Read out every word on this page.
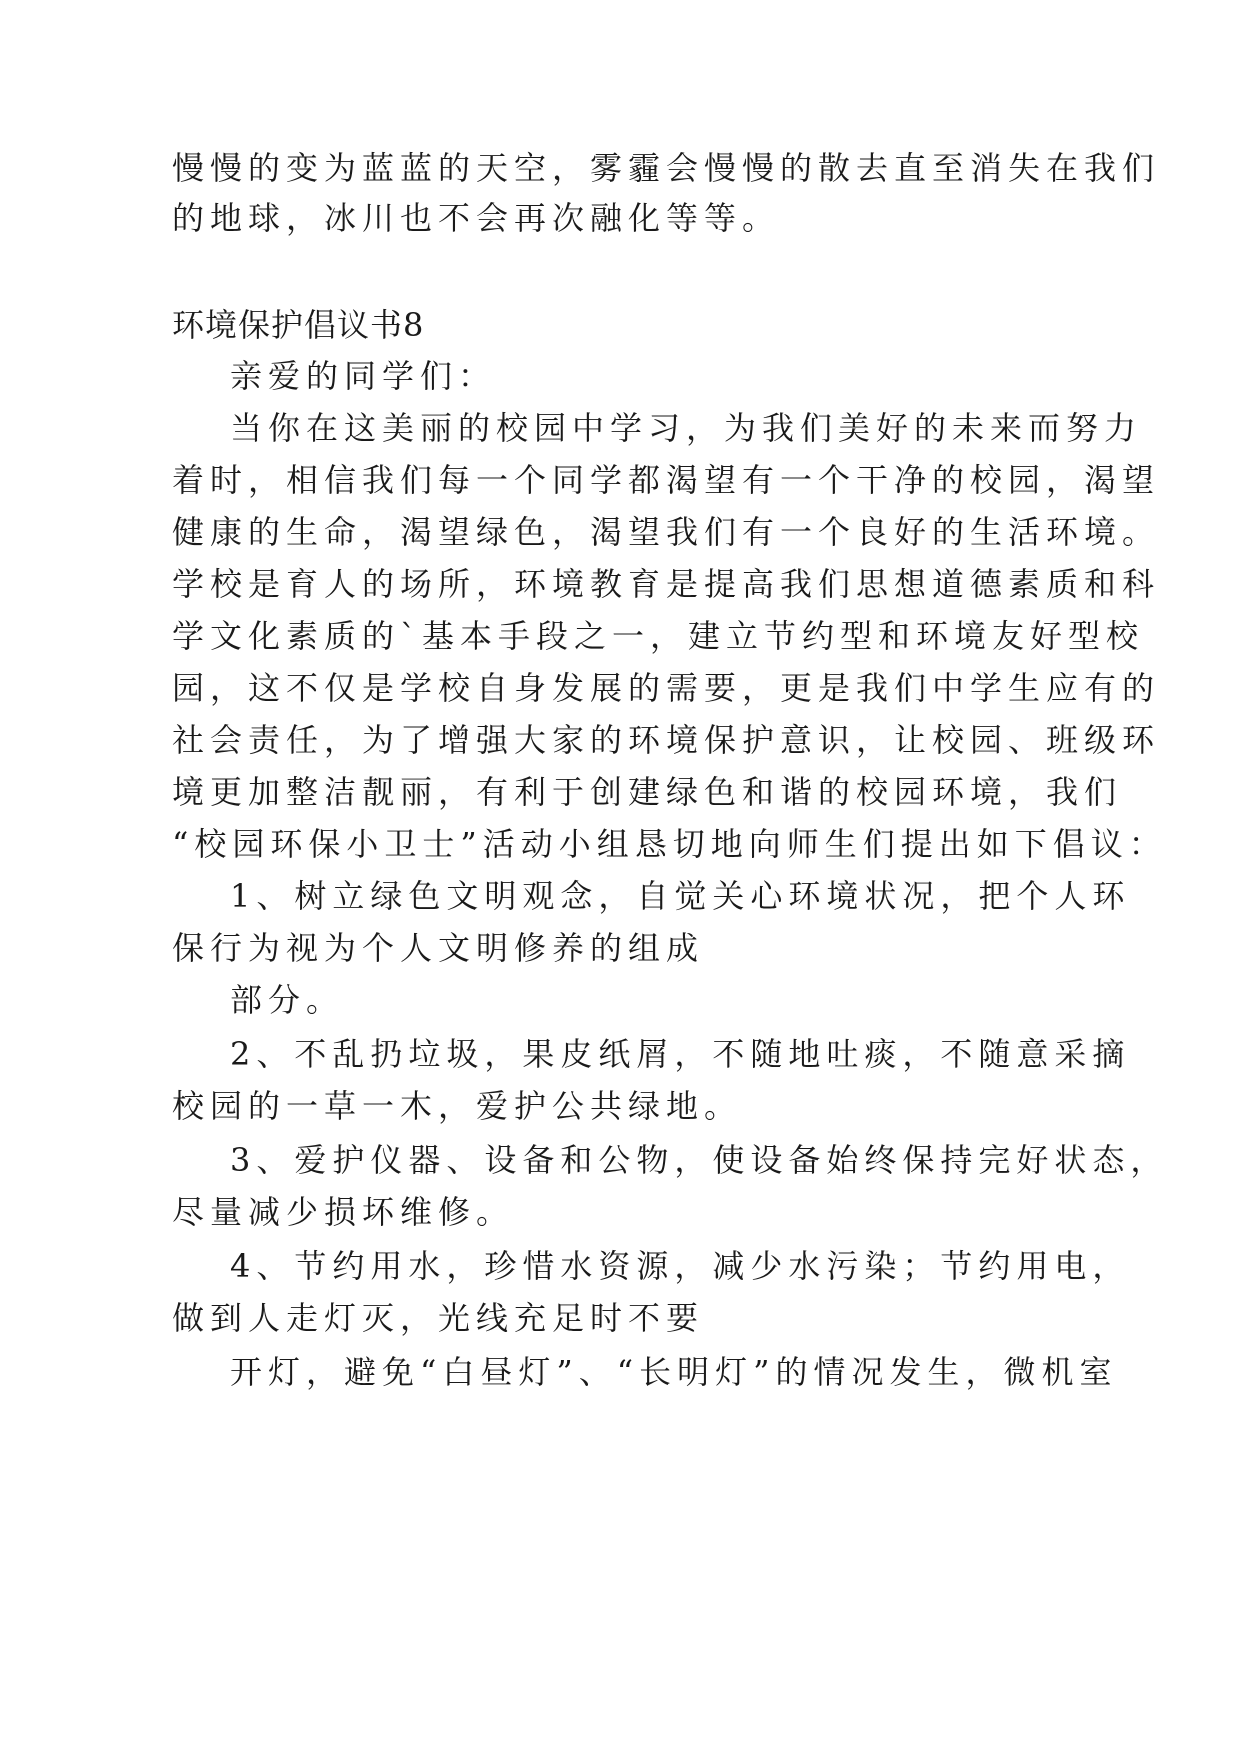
慢慢的变为蓝蓝的天空，雾霾会慢慢的散去直至消失在我们

的地球，冰川也不会再次融化等等。

环境保护倡议书8

亲爱的同学们：

当你在这美丽的校园中学习，为我们美好的未来而努力

着时，相信我们每一个同学都渴望有一个干净的校园，渴望

健康的生命，渴望绿色，渴望我们有一个良好的生活环境。

学校是育人的场所，环境教育是提高我们思想道德素质和科

学文化素质的`基本手段之一，建立节约型和环境友好型校

园，这不仅是学校自身发展的需要，更是我们中学生应有的

社会责任，为了增强大家的环境保护意识，让校园、班级环

境更加整洁靓丽，有利于创建绿色和谐的校园环境，我们

“校园环保小卫士”活动小组恳切地向师生们提出如下倡议：

1、树立绿色文明观念，自觉关心环境状况，把个人环

保行为视为个人文明修养的组成

部分。

2、不乱扔垃圾，果皮纸屑，不随地吐痰，不随意采摘

校园的一草一木，爱护公共绿地。

3、爱护仪器、设备和公物，使设备始终保持完好状态，

尽量减少损坏维修。

4、节约用水，珍惜水资源，减少水污染；节约用电，

做到人走灯灭，光线充足时不要

开灯，避免“白昼灯”、“长明灯”的情况发生，微机室
